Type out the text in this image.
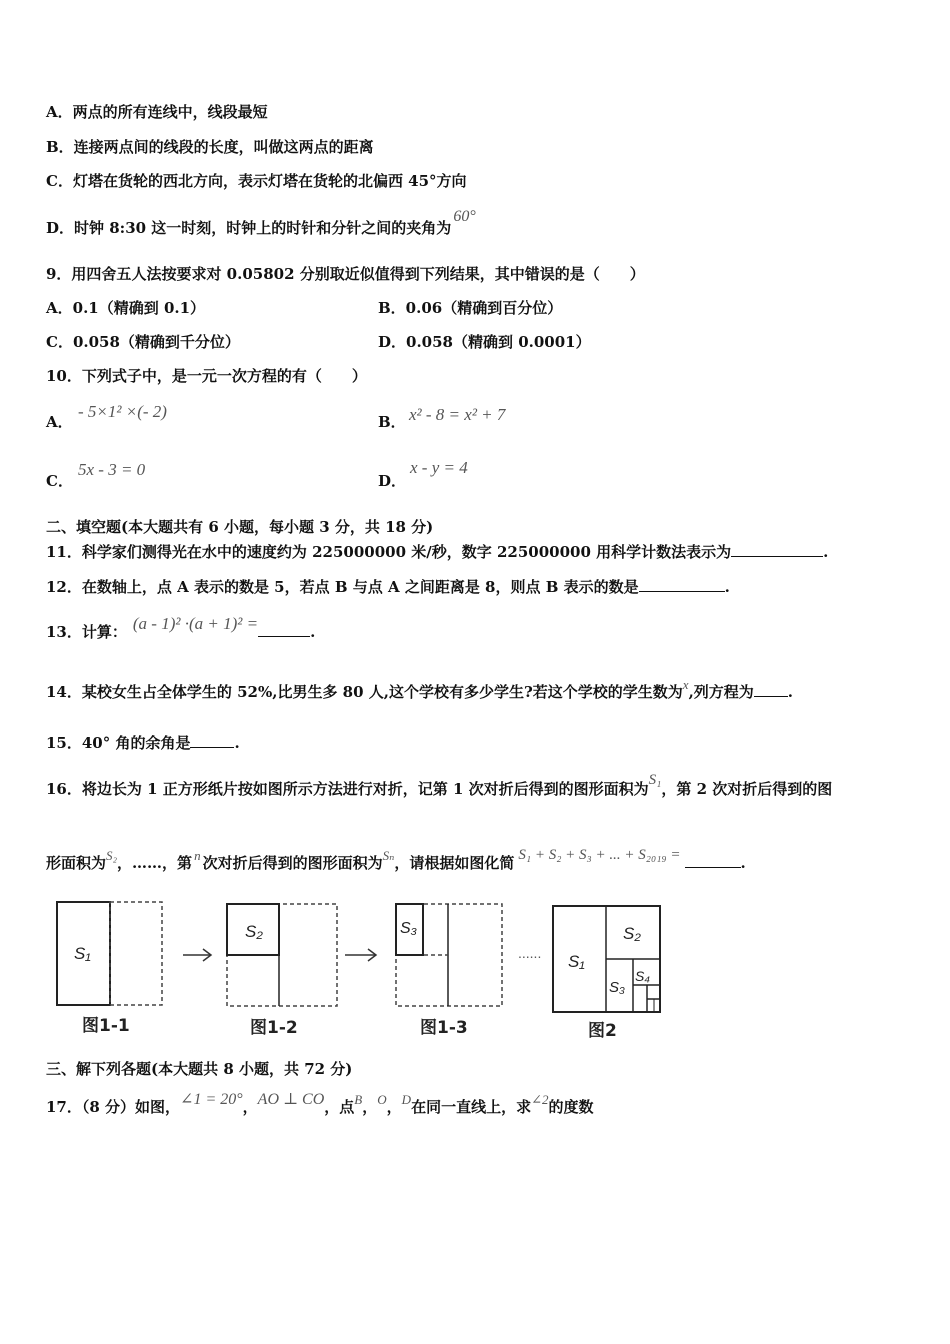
A．两点的所有连线中，线段最短
B．连接两点间的线段的长度，叫做这两点的距离
C．灯塔在货轮的西北方向，表示灯塔在货轮的北偏西 45°方向
D．时钟 8:30 这一时刻，时钟上的时针和分针之间的夹角为60°
9．用四舍五人法按要求对 0.05802 分别取近似值得到下列结果，其中错误的是（　　）
A．0.1（精确到 0.1）	B．0.06（精确到百分位）
C．0.058（精确到千分位）	D．0.058（精确到 0.0001）
10．下列式子中，是一元一次方程的有（　　）
A．
- 5×1² ×(- 2)
B． x² - 8 = x² + 7
C．
5x - 3 = 0
D．
x - y = 4
二、填空题(本大题共有 6 小题，每小题 3 分，共 18 分)
11．科学家们测得光在水中的速度约为 225000000 米/秒，数字 225000000 用科学计数法表示为	.
12．在数轴上，点 A 表示的数是 5，若点 B 与点 A 之间距离是 8，则点 B 表示的数是	.
13．计算： (a - 1)² ·(a + 1)² =	.
14．某校女生占全体学生的 52%,比男生多 80 人,这个学校有多少学生?若这个学校的学生数为x,列方程为 .
15．40° 角的余角是	.
16．将边长为 1 正方形纸片按如图所示方法进行对折，记第 1 次对折后得到的图形面积为S₁，第 2 次对折后得到的图
形面积为S₂，……，第 n 次对折后得到的图形面积为Sₙ，请根据如图化简 S₁ + S₂ + S₃ + ... + S₂₀₁₉ =	.
S₁
S₂	S₃
...... S₁
S₂
S₃
S₄
图1-1	图1-2	图1-3	图2
三、解下列各题(本大题共 8 小题，共 72 分)
17．（8 分）如图，∠1 = 20°，AO ⊥ CO，点B，O，D在同一直线上，求∠2的度数
